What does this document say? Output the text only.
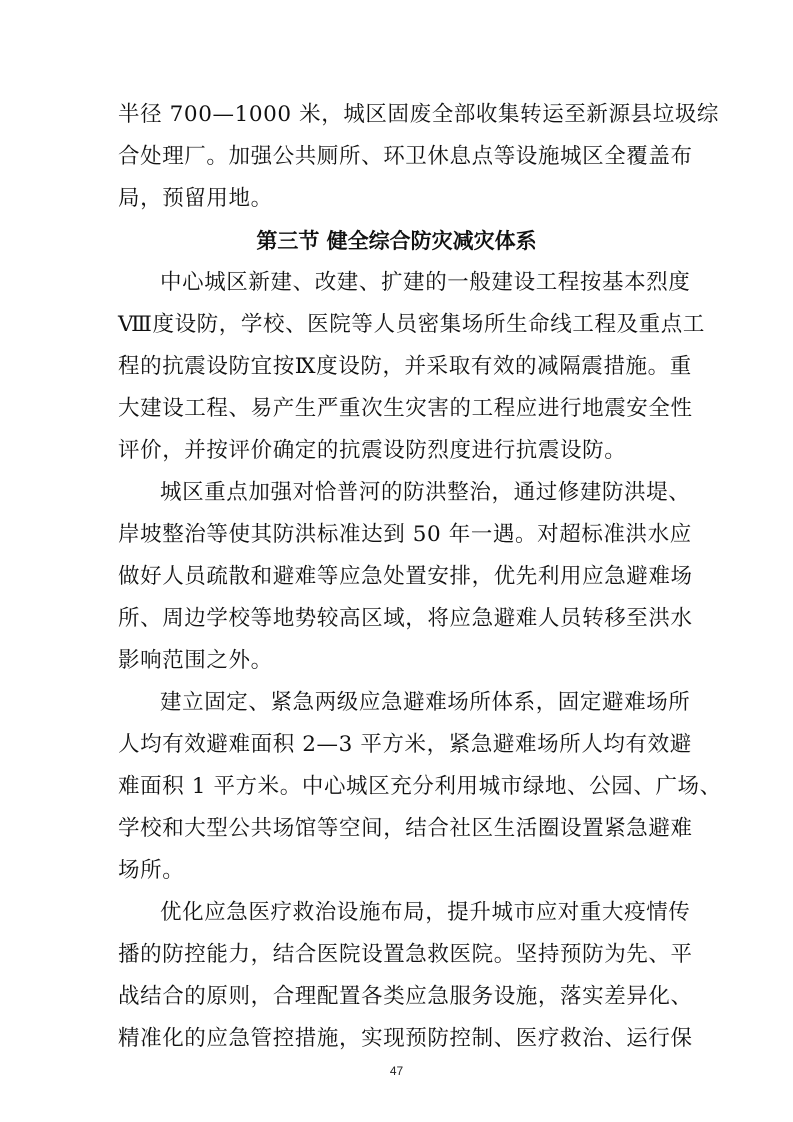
半径 700—1000 米，城区固废全部收集转运至新源县垃圾综
合处理厂。加强公共厕所、环卫休息点等设施城区全覆盖布
局，预留用地。
第三节 健全综合防灾减灾体系
中心城区新建、改建、扩建的一般建设工程按基本烈度
Ⅷ度设防，学校、医院等人员密集场所生命线工程及重点工
程的抗震设防宜按Ⅸ度设防，并采取有效的减隔震措施。重
大建设工程、易产生严重次生灾害的工程应进行地震安全性
评价，并按评价确定的抗震设防烈度进行抗震设防。
城区重点加强对恰普河的防洪整治，通过修建防洪堤、
岸坡整治等使其防洪标准达到 50 年一遇。对超标准洪水应
做好人员疏散和避难等应急处置安排，优先利用应急避难场
所、周边学校等地势较高区域，将应急避难人员转移至洪水
影响范围之外。
建立固定、紧急两级应急避难场所体系，固定避难场所
人均有效避难面积 2—3 平方米，紧急避难场所人均有效避
难面积 1 平方米。中心城区充分利用城市绿地、公园、广场、
学校和大型公共场馆等空间，结合社区生活圈设置紧急避难
场所。
优化应急医疗救治设施布局，提升城市应对重大疫情传
播的防控能力，结合医院设置急救医院。坚持预防为先、平
战结合的原则，合理配置各类应急服务设施，落实差异化、
精准化的应急管控措施，实现预防控制、医疗救治、运行保
47
